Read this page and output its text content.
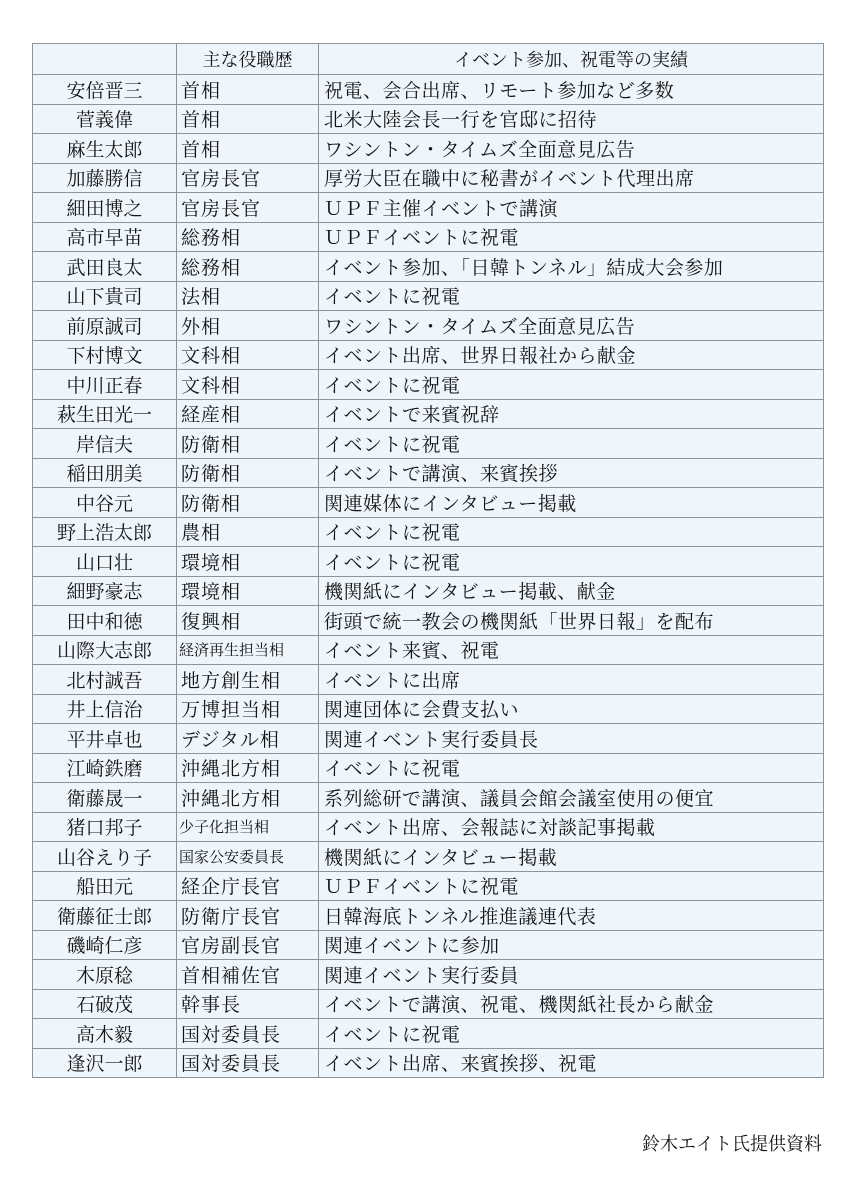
	主な役職歴	イベント参加、祝電等の実績
安倍晋三	首相	祝電、会合出席、リモート参加など多数
菅義偉	首相	北米大陸会長一行を官邸に招待
麻生太郎	首相	ワシントン・タイムズ全面意見広告
加藤勝信	官房長官	厚労大臣在職中に秘書がイベント代理出席
細田博之	官房長官	ＵＰＦ主催イベントで講演
高市早苗	総務相	ＵＰＦイベントに祝電
武田良太	総務相	イベント参加、「日韓トンネル」結成大会参加
山下貴司	法相	イベントに祝電
前原誠司	外相	ワシントン・タイムズ全面意見広告
下村博文	文科相	イベント出席、世界日報社から献金
中川正春	文科相	イベントに祝電
萩生田光一	経産相	イベントで来賓祝辞
岸信夫	防衛相	イベントに祝電
稲田朋美	防衛相	イベントで講演、来賓挨拶
中谷元	防衛相	関連媒体にインタビュー掲載
野上浩太郎	農相	イベントに祝電
山口壮	環境相	イベントに祝電
細野豪志	環境相	機関紙にインタビュー掲載、献金
田中和徳	復興相	街頭で統一教会の機関紙「世界日報」を配布
山際大志郎	経済再生担当相	イベント来賓、祝電
北村誠吾	地方創生相	イベントに出席
井上信治	万博担当相	関連団体に会費支払い
平井卓也	デジタル相	関連イベント実行委員長
江崎鉄磨	沖縄北方相	イベントに祝電
衛藤晟一	沖縄北方相	系列総研で講演、議員会館会議室使用の便宜
猪口邦子	少子化担当相	イベント出席、会報誌に対談記事掲載
山谷えり子	国家公安委員長	機関紙にインタビュー掲載
船田元	経企庁長官	ＵＰＦイベントに祝電
衛藤征士郎	防衛庁長官	日韓海底トンネル推進議連代表
磯崎仁彦	官房副長官	関連イベントに参加
木原稔	首相補佐官	関連イベント実行委員
石破茂	幹事長	イベントで講演、祝電、機関紙社長から献金
高木毅	国対委員長	イベントに祝電
逢沢一郎	国対委員長	イベント出席、来賓挨拶、祝電
鈴木エイト氏提供資料
